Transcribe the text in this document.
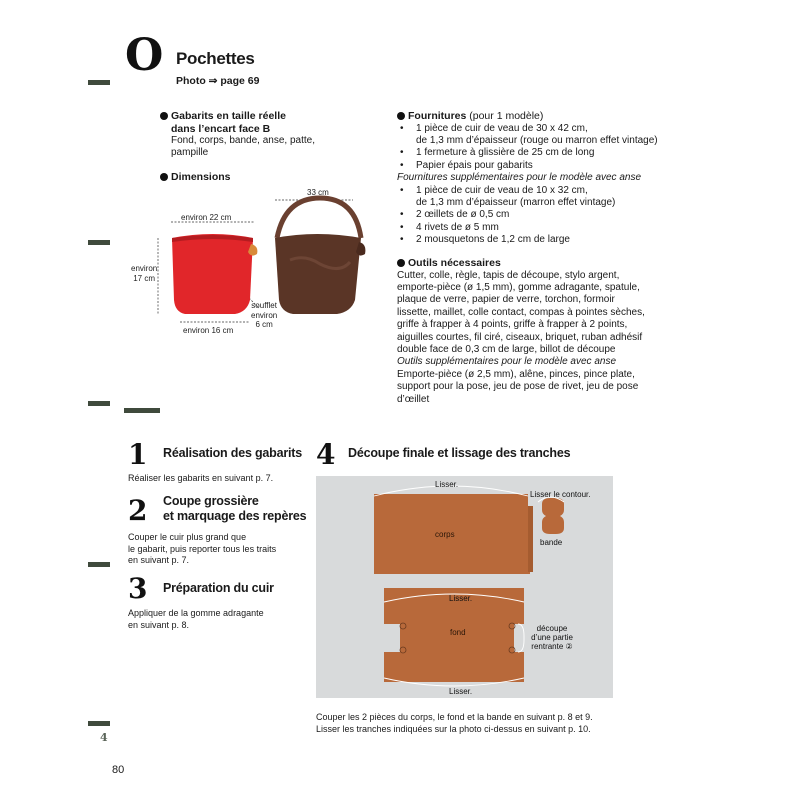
O Pochettes
Photo ⇒ page 69
Gabarits en taille réelle
dans l’encart face B
Fond, corps, bande, anse, patte,
pampille
Dimensions
33 cm
environ 22 cm
environ
17 cm
environ 16 cm
soufflet
environ
6 cm
Fournitures (pour 1 modèle)
• 1 pièce de cuir de veau de 30 x 42 cm,
de 1,3 mm d’épaisseur (rouge ou marron effet vintage)
• 1 fermeture à glissière de 25 cm de long
• Papier épais pour gabarits
Fournitures supplémentaires pour le modèle avec anse
• 1 pièce de cuir de veau de 10 x 32 cm,
de 1,3 mm d’épaisseur (marron effet vintage)
• 2 œillets de ø 0,5 cm
• 4 rivets de ø 5 mm
• 2 mousquetons de 1,2 cm de large
Outils nécessaires
Cutter, colle, règle, tapis de découpe, stylo argent,
emporte-pièce (ø 1,5 mm), gomme adragante, spatule,
plaque de verre, papier de verre, torchon, formoir
lissette, maillet, colle contact, compas à pointes sèches,
griffe à frapper à 4 points, griffe à frapper à 2 points,
aiguilles courtes, fil ciré, ciseaux, briquet, ruban adhésif
double face de 0,3 cm de large, billot de découpe
Outils supplémentaires pour le modèle avec anse
Emporte-pièce (ø 2,5 mm), alêne, pinces, pince plate,
support pour la pose, jeu de pose de rivet, jeu de pose
d’œillet
1 Réalisation des gabarits
Réaliser les gabarits en suivant p. 7.
2 Coupe grossière
et marquage des repères
Couper le cuir plus grand que
le gabarit, puis reporter tous les traits
en suivant p. 7.
3 Préparation du cuir
Appliquer de la gomme adragante
en suivant p. 8.
4 Découpe finale et lissage des tranches
Lisser.
Lisser le contour.
corps
bande
Lisser.
fond	découpe
d’une partie
rentrante ②
Lisser.
Couper les 2 pièces du corps, le fond et la bande en suivant p. 8 et 9.
Lisser les tranches indiquées sur la photo ci-dessus en suivant p. 10.
4
80
